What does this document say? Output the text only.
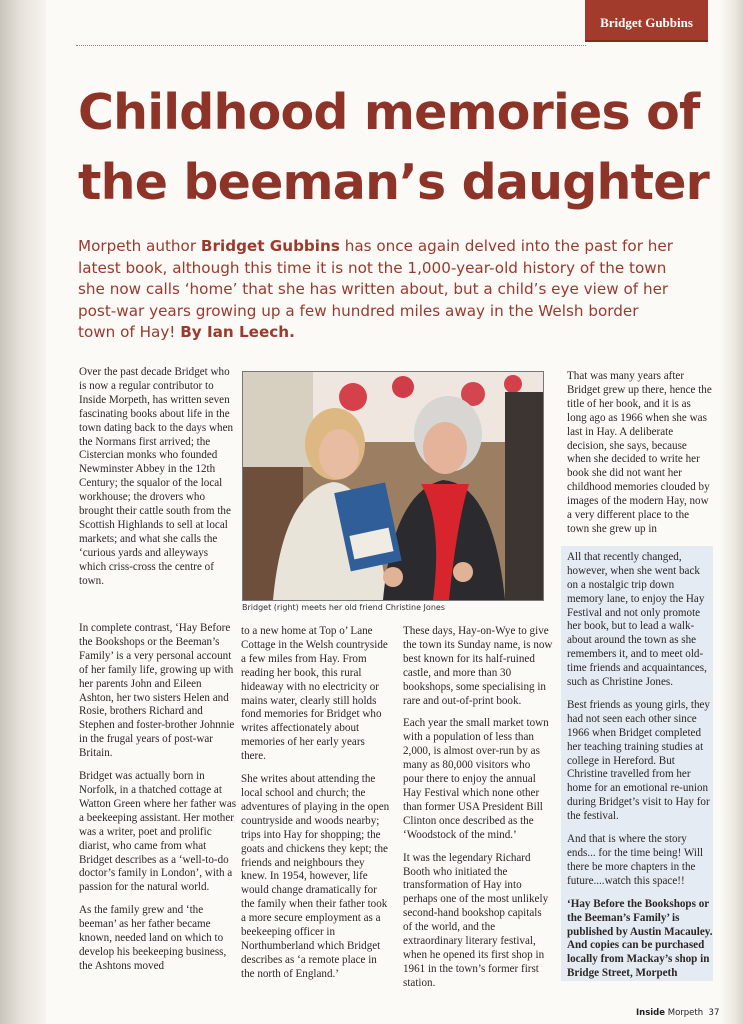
Bridget Gubbins
Childhood memories of the beeman’s daughter

Morpeth author Bridget Gubbins has once again delved into the past for her latest book, although this time it is not the 1,000-year-old history of the town she now calls ‘home’ that she has written about, but a child’s eye view of her post-war years growing up a few hundred miles away in the Welsh border town of Hay! By Ian Leech.

Over the past decade Bridget who is now a regular contributor to Inside Morpeth, has written seven fascinating books about life in the town dating back to the days when the Normans first arrived; the Cistercian monks who founded Newminster Abbey in the 12th Century; the squalor of the local workhouse; the drovers who brought their cattle south from the Scottish Highlands to sell at local markets; and what she calls the ‘curious yards and alleyways which criss-cross the centre of town.

Bridget (right) meets her old friend Christine Jones

In complete contrast, ‘Hay Before the Bookshops or the Beeman’s Family’ is a very personal account of her family life, growing up with her parents John and Eileen Ashton, her two sisters Helen and Rosie, brothers Richard and Stephen and foster-brother Johnnie in the frugal years of post-war Britain.

Bridget was actually born in Norfolk, in a thatched cottage at Watton Green where her father was a beekeeping assistant. Her mother was a writer, poet and prolific diarist, who came from what Bridget describes as a ‘well-to-do doctor’s family in London’, with a passion for the natural world.

As the family grew and ‘the beeman’ as her father became known, needed land on which to develop his beekeeping business, the Ashtons moved

to a new home at Top o’ Lane Cottage in the Welsh countryside a few miles from Hay. From reading her book, this rural hideaway with no electricity or mains water, clearly still holds fond memories for Bridget who writes affectionately about memories of her early years there.

She writes about attending the local school and church; the adventures of playing in the open countryside and woods nearby; trips into Hay for shopping; the goats and chickens they kept; the friends and neighbours they knew. In 1954, however, life would change dramatically for the family when their father took a more secure employment as a beekeeping officer in Northumberland which Bridget describes as ‘a remote place in the north of England.’

These days, Hay-on-Wye to give the town its Sunday name, is now best known for its half-ruined castle, and more than 30 bookshops, some specialising in rare and out-of-print book.

Each year the small market town with a population of less than 2,000, is almost over-run by as many as 80,000 visitors who pour there to enjoy the annual Hay Festival which none other than former USA President Bill Clinton once described as the ‘Woodstock of the mind.’

It was the legendary Richard Booth who initiated the transformation of Hay into perhaps one of the most unlikely second-hand bookshop capitals of the world, and the extraordinary literary festival, when he opened its first shop in 1961 in the town’s former first station.

That was many years after Bridget grew up there, hence the title of her book, and it is as long ago as 1966 when she was last in Hay. A deliberate decision, she says, because when she decided to write her book she did not want her childhood memories clouded by images of the modern Hay, now a very different place to the town she grew up in

All that recently changed, however, when she went back on a nostalgic trip down memory lane, to enjoy the Hay Festival and not only promote her book, but to lead a walk-about around the town as she remembers it, and to meet old-time friends and acquaintances, such as Christine Jones.

Best friends as young girls, they had not seen each other since 1966 when Bridget completed her teaching training studies at college in Hereford. But Christine travelled from her home for an emotional re-union during Bridget’s visit to Hay for the festival.

And that is where the story ends... for the time being! Will there be more chapters in the future....watch this space!!

‘Hay Before the Bookshops or the Beeman’s Family’ is published by Austin Macauley. And copies can be purchased locally from Mackay’s shop in Bridge Street, Morpeth

Inside Morpeth 37
